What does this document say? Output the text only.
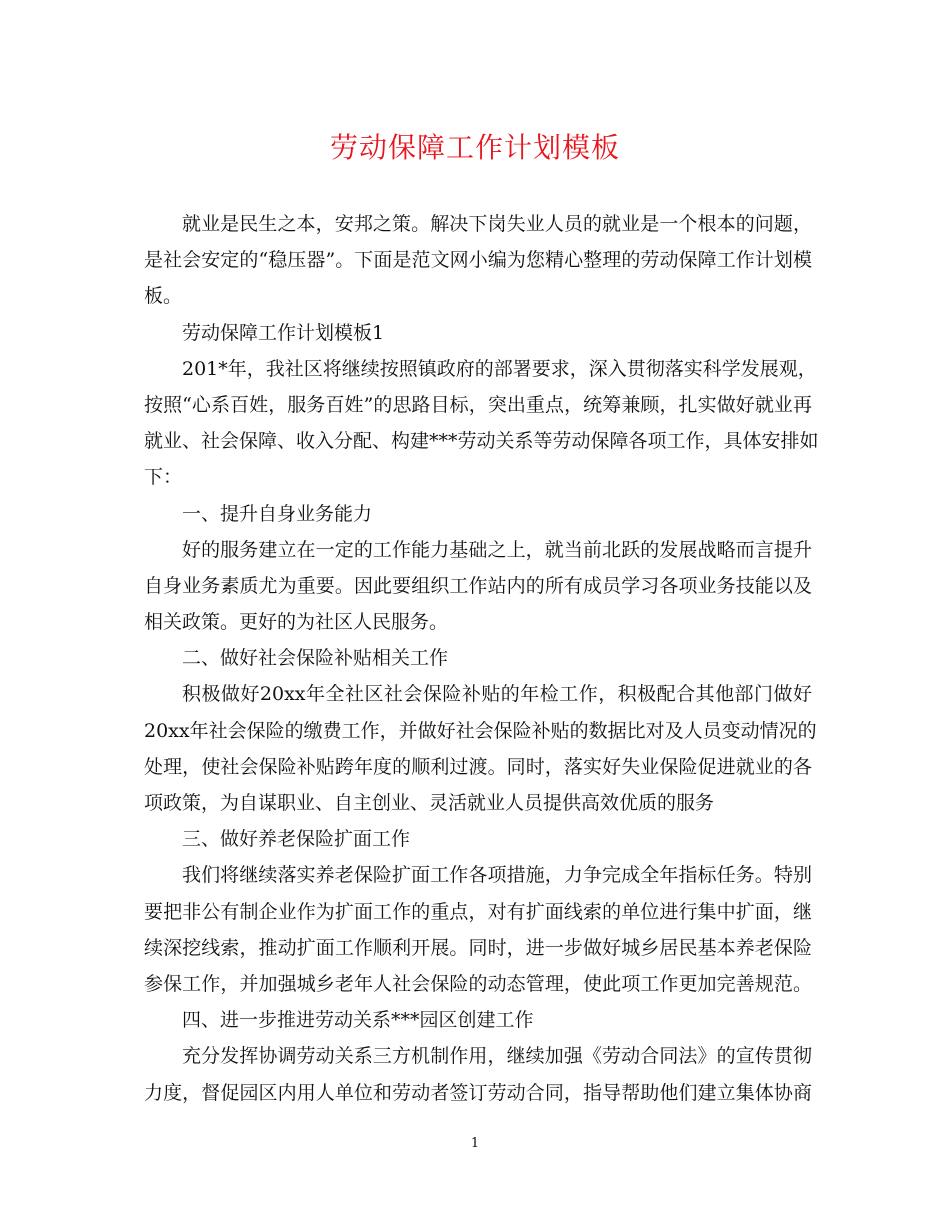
劳动保障工作计划模板
就业是民生之本，安邦之策。解决下岗失业人员的就业是一个根本的问题，
是社会安定的“稳压器”。下面是范文网小编为您精心整理的劳动保障工作计划模
板。
劳动保障工作计划模板1
201*年，我社区将继续按照镇政府的部署要求，深入贯彻落实科学发展观，
按照“心系百姓，服务百姓”的思路目标，突出重点，统筹兼顾，扎实做好就业再
就业、社会保障、收入分配、构建***劳动关系等劳动保障各项工作，具体安排如
下：
一、提升自身业务能力
好的服务建立在一定的工作能力基础之上，就当前北跃的发展战略而言提升
自身业务素质尤为重要。因此要组织工作站内的所有成员学习各项业务技能以及
相关政策。更好的为社区人民服务。
二、做好社会保险补贴相关工作
积极做好20xx年全社区社会保险补贴的年检工作，积极配合其他部门做好
20xx年社会保险的缴费工作，并做好社会保险补贴的数据比对及人员变动情况的
处理，使社会保险补贴跨年度的顺利过渡。同时，落实好失业保险促进就业的各
项政策，为自谋职业、自主创业、灵活就业人员提供高效优质的服务
三、做好养老保险扩面工作
我们将继续落实养老保险扩面工作各项措施，力争完成全年指标任务。特别
要把非公有制企业作为扩面工作的重点，对有扩面线索的单位进行集中扩面，继
续深挖线索，推动扩面工作顺利开展。同时，进一步做好城乡居民基本养老保险
参保工作，并加强城乡老年人社会保险的动态管理，使此项工作更加完善规范。
四、进一步推进劳动关系***园区创建工作
充分发挥协调劳动关系三方机制作用，继续加强《劳动合同法》的宣传贯彻
力度，督促园区内用人单位和劳动者签订劳动合同，指导帮助他们建立集体协商
1
